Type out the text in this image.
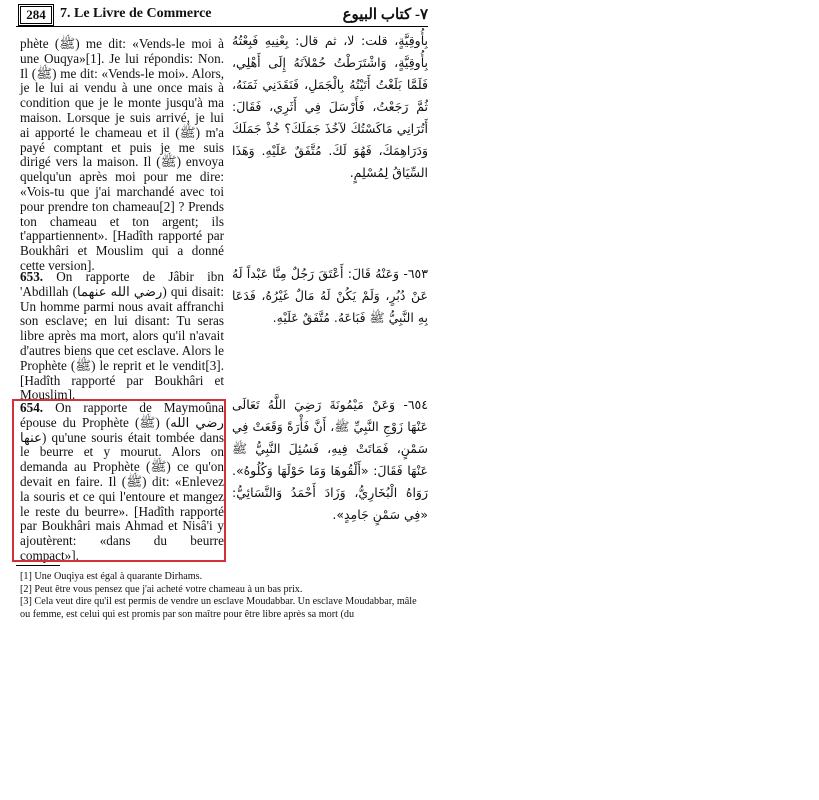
284	7. Le Livre de Commerce	٧- كتاب البيوع
phète (ﷺ) me dit: «Vends-le moi à une Ouqya»[1]. Je lui répondis: Non. Il (ﷺ) me dit: «Vends-le moi». Alors, je le lui ai vendu à une once mais à condition que je le monte jusqu'à ma maison. Lorsque je suis arrivé, je lui ai apporté le chameau et il (ﷺ) m'a payé comptant et puis je me suis dirigé vers la maison. Il (ﷺ) envoya quelqu'un après moi pour me dire: «Vois-tu que j'ai marchandé avec toi pour prendre ton chameau[2] ? Prends ton chameau et ton argent; ils t'appartiennent». [Hadîth rapporté par Boukhâri et Mouslim qui a donné cette version].
بِأُوقِيَّةٍ، قلت: لا، ثم قال: بِعْنِيهِ فَبِعْتُهُ بِأُوقِيَّةٍ، وَاشْتَرَطْتُ حُمْلاَنَهُ إِلَى أَهْلِي، فَلَمَّا بَلَغْتُ أَتَيْتُهُ بِالْجَمَلِ، فَنَقَدَنِي ثَمَنَهُ، ثُمَّ رَجَعْتُ، فَأَرْسَلَ فِي أَثَرِي، فَقَالَ: أَتُرَانِي مَاكَسْتُكَ لآخُذَ جَمَلَكَ؟ خُذْ جَمَلَكَ وَدَرَاهِمَكَ، فَهُوَ لَكَ. مُتَّفَقٌ عَلَيْهِ. وَهَذَا السِّيَاقُ لِمُسْلِمٍ.
653. On rapporte de Jâbir ibn 'Abdillah (رضي الله عنهما) qui disait: Un homme parmi nous avait affranchi son esclave; en lui disant: Tu seras libre après ma mort, alors qu'il n'avait d'autres biens que cet esclave. Alors le Prophète (ﷺ) le reprit et le vendit[3]. [Hadîth rapporté par Boukhâri et Mouslim].
٦٥٣- وَعَنْهُ قَالَ: أَعْتَقَ رَجُلٌ مِنَّا عَبْداً لَهُ عَنْ دُبُرٍ، وَلَمْ يَكُنْ لَهُ مَالٌ غَيْرُهُ، فَدَعَا بِهِ النَّبِيُّ ﷺ فَبَاعَهُ. مُتَّفَقٌ عَلَيْهِ.
654. On rapporte de Maymoûna épouse du Prophète (ﷺ) (رضي الله عنها) qu'une souris était tombée dans le beurre et y mourut. Alors on demanda au Prophète (ﷺ) ce qu'on devait en faire. Il (ﷺ) dit: «Enlevez la souris et ce qui l'entoure et mangez le reste du beurre». [Hadîth rapporté par Boukhâri mais Ahmad et Nisâ'i y ajoutèrent: «dans du beurre compact»].
٦٥٤- وَعَنْ مَيْمُونَةَ رَضِيَ اللَّهُ تَعَالَى عَنْهَا زَوْجِ النَّبِيِّ ﷺ، أَنَّ فَأْرَةً وَقَعَتْ فِي سَمْنٍ، فَمَاتَتْ فِيهِ، فَسُئِلَ النَّبِيُّ ﷺ عَنْهَا فَقَالَ: «أَلْقُوهَا وَمَا حَوْلَهَا وَكُلُوهُ». رَوَاهُ الْبُخَارِيُّ، وَزَادَ أَحْمَدُ وَالنَّسَائِيُّ: «فِي سَمْنٍ جَامِدٍ».
[1] Une Ouqiya est égal à quarante Dirhams.
[2] Peut être vous pensez que j'ai acheté votre chameau à un bas prix.
[3] Cela veut dire qu'il est permis de vendre un esclave Moudabbar. Un esclave Moudabbar, mâle ou femme, est celui qui est promis par son maître pour être libre après sa mort (du
